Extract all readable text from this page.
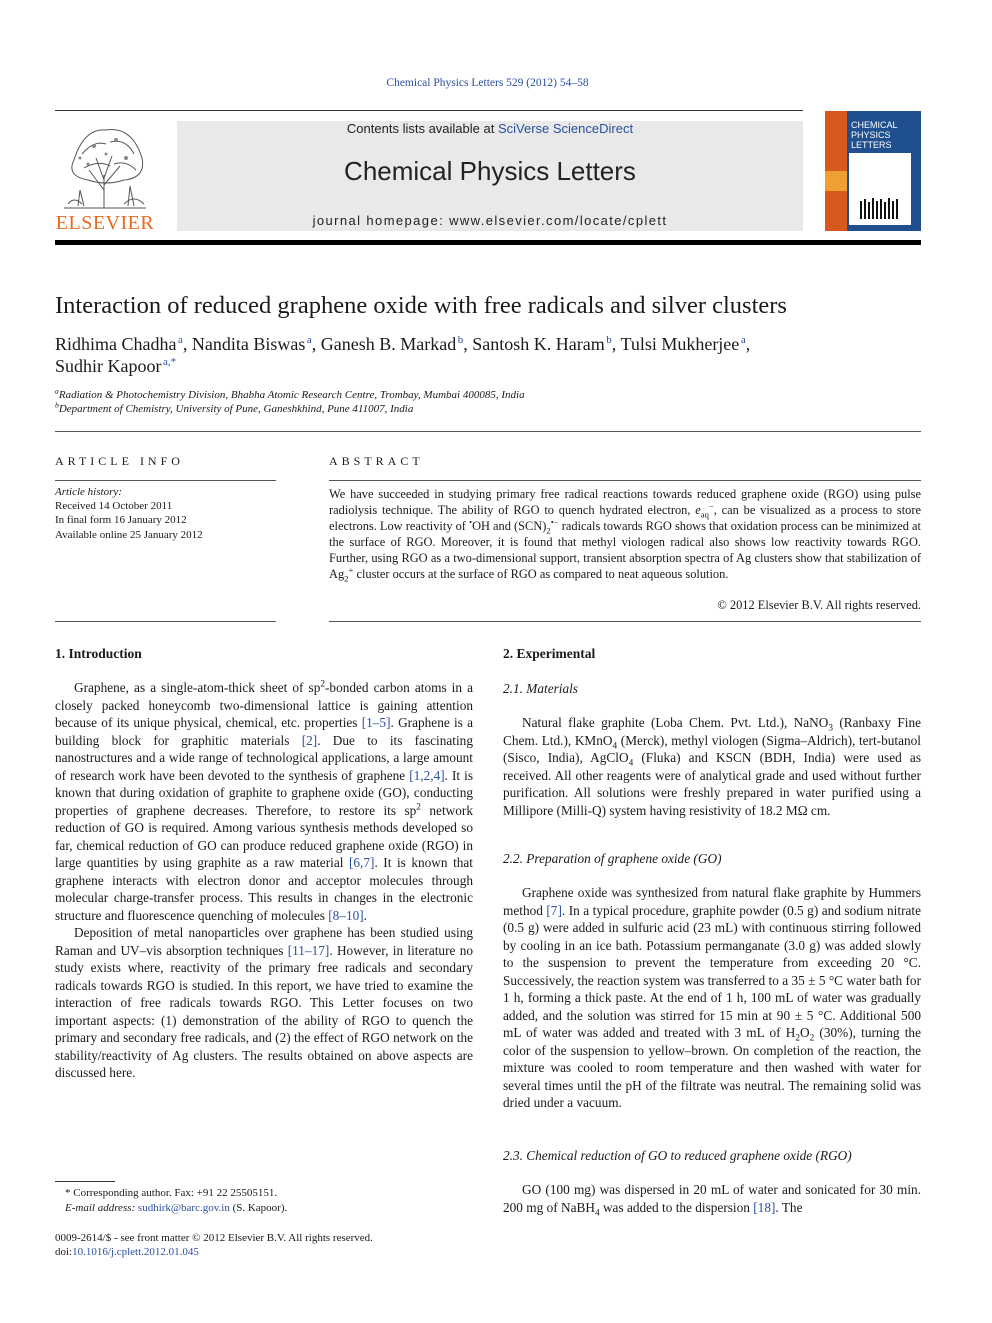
Chemical Physics Letters 529 (2012) 54–58
ELSEVIER
Contents lists available at SciVerse ScienceDirect
Chemical Physics Letters
journal homepage: www.elsevier.com/locate/cplett
CHEMICAL
PHYSICS
LETTERS
Interaction of reduced graphene oxide with free radicals and silver clusters
Ridhima Chadha  $^a$, Nandita Biswas  $^a$, Ganesh B. Markad  $^b$, Santosh K. Haram  $^b$, Tulsi Mukherjee  $^a$,
Sudhir Kapoor  $^{a,*}$
$^a$Radiation & Photochemistry Division, Bhabha Atomic Research Centre, Trombay, Mumbai 400085, India
$^b$Department of Chemistry, University of Pune, Ganeshkhind, Pune 411007, India
ARTICLE INFO	ABSTRACT
Article history:
Received 14 October 2011
In final form 16 January 2012
Available online 25 January 2012
We have succeeded in studying primary free radical reactions towards reduced graphene oxide (RGO) using pulse radiolysis technique. The ability of RGO to quench hydrated electron, $e_{aq}^-$, can be visualized as a process to store electrons. Low reactivity of •OH and $(SCN)_2^{•-}$ radicals towards RGO shows that oxidation process can be minimized at the surface of RGO. Moreover, it is found that methyl viologen radical also shows low reactivity towards RGO. Further, using RGO as a two-dimensional support, transient absorption spectra of Ag clusters show that stabilization of $Ag_2^+$ cluster occurs at the surface of RGO as compared to neat aqueous solution.
© 2012 Elsevier B.V. All rights reserved.
1. Introduction

Graphene, as a single-atom-thick sheet of $sp^2$-bonded carbon atoms in a closely packed honeycomb two-dimensional lattice is gaining attention because of its unique physical, chemical, etc. properties [1–5]. Graphene is a building block for graphitic materials [2]. Due to its fascinating nanostructures and a wide range of technological applications, a large amount of research work have been devoted to the synthesis of graphene [1,2,4]. It is known that during oxidation of graphite to graphene oxide (GO), conducting properties of graphene decreases. Therefore, to restore its $sp^2$ network reduction of GO is required. Among various synthesis methods developed so far, chemical reduction of GO can produce reduced graphene oxide (RGO) in large quantities by using graphite as a raw material [6,7]. It is known that graphene interacts with electron donor and acceptor molecules through molecular charge-transfer process. This results in changes in the electronic structure and fluorescence quenching of molecules [8–10].

Deposition of metal nanoparticles over graphene has been studied using Raman and UV–vis absorption techniques [11–17]. However, in literature no study exists where, reactivity of the primary free radicals and secondary radicals towards RGO is studied. In this report, we have tried to examine the interaction of free radicals towards RGO. This Letter focuses on two important aspects: (1) demonstration of the ability of RGO to quench the primary and secondary free radicals, and (2) the effect of RGO network on the stability/reactivity of Ag clusters. The results obtained on above aspects are discussed here.

* Corresponding author. Fax: +91 22 25505151.
E-mail address: sudhirk@barc.gov.in (S. Kapoor).
0009-2614/$ - see front matter © 2012 Elsevier B.V. All rights reserved.
doi:10.1016/j.cplett.2012.01.045
2. Experimental
2.1. Materials

Natural flake graphite (Loba Chem. Pvt. Ltd.), NaNO$_3$ (Ranbaxy Fine Chem. Ltd.), KMnO$_4$ (Merck), methyl viologen (Sigma–Aldrich), tert-butanol (Sisco, India), AgClO$_4$ (Fluka) and KSCN (BDH, India) were used as received. All other reagents were of analytical grade and used without further purification. All solutions were freshly prepared in water purified using a Millipore (Milli-Q) system having resistivity of 18.2 MΩ cm.

2.2. Preparation of graphene oxide (GO)

Graphene oxide was synthesized from natural flake graphite by Hummers method [7]. In a typical procedure, graphite powder (0.5 g) and sodium nitrate (0.5 g) were added in sulfuric acid (23 mL) with continuous stirring followed by cooling in an ice bath. Potassium permanganate (3.0 g) was added slowly to the suspension to prevent the temperature from exceeding 20 °C. Successively, the reaction system was transferred to a 35 ± 5 °C water bath for 1 h, forming a thick paste. At the end of 1 h, 100 mL of water was gradually added, and the solution was stirred for 15 min at 90 ± 5 °C. Additional 500 mL of water was added and treated with 3 mL of $H_2O_2$ (30%), turning the color of the suspension to yellow–brown. On completion of the reaction, the mixture was cooled to room temperature and then washed with water for several times until the pH of the filtrate was neutral. The remaining solid was dried under a vacuum.

2.3. Chemical reduction of GO to reduced graphene oxide (RGO)

GO (100 mg) was dispersed in 20 mL of water and sonicated for 30 min. 200 mg of NaBH$_4$ was added to the dispersion [18]. The
